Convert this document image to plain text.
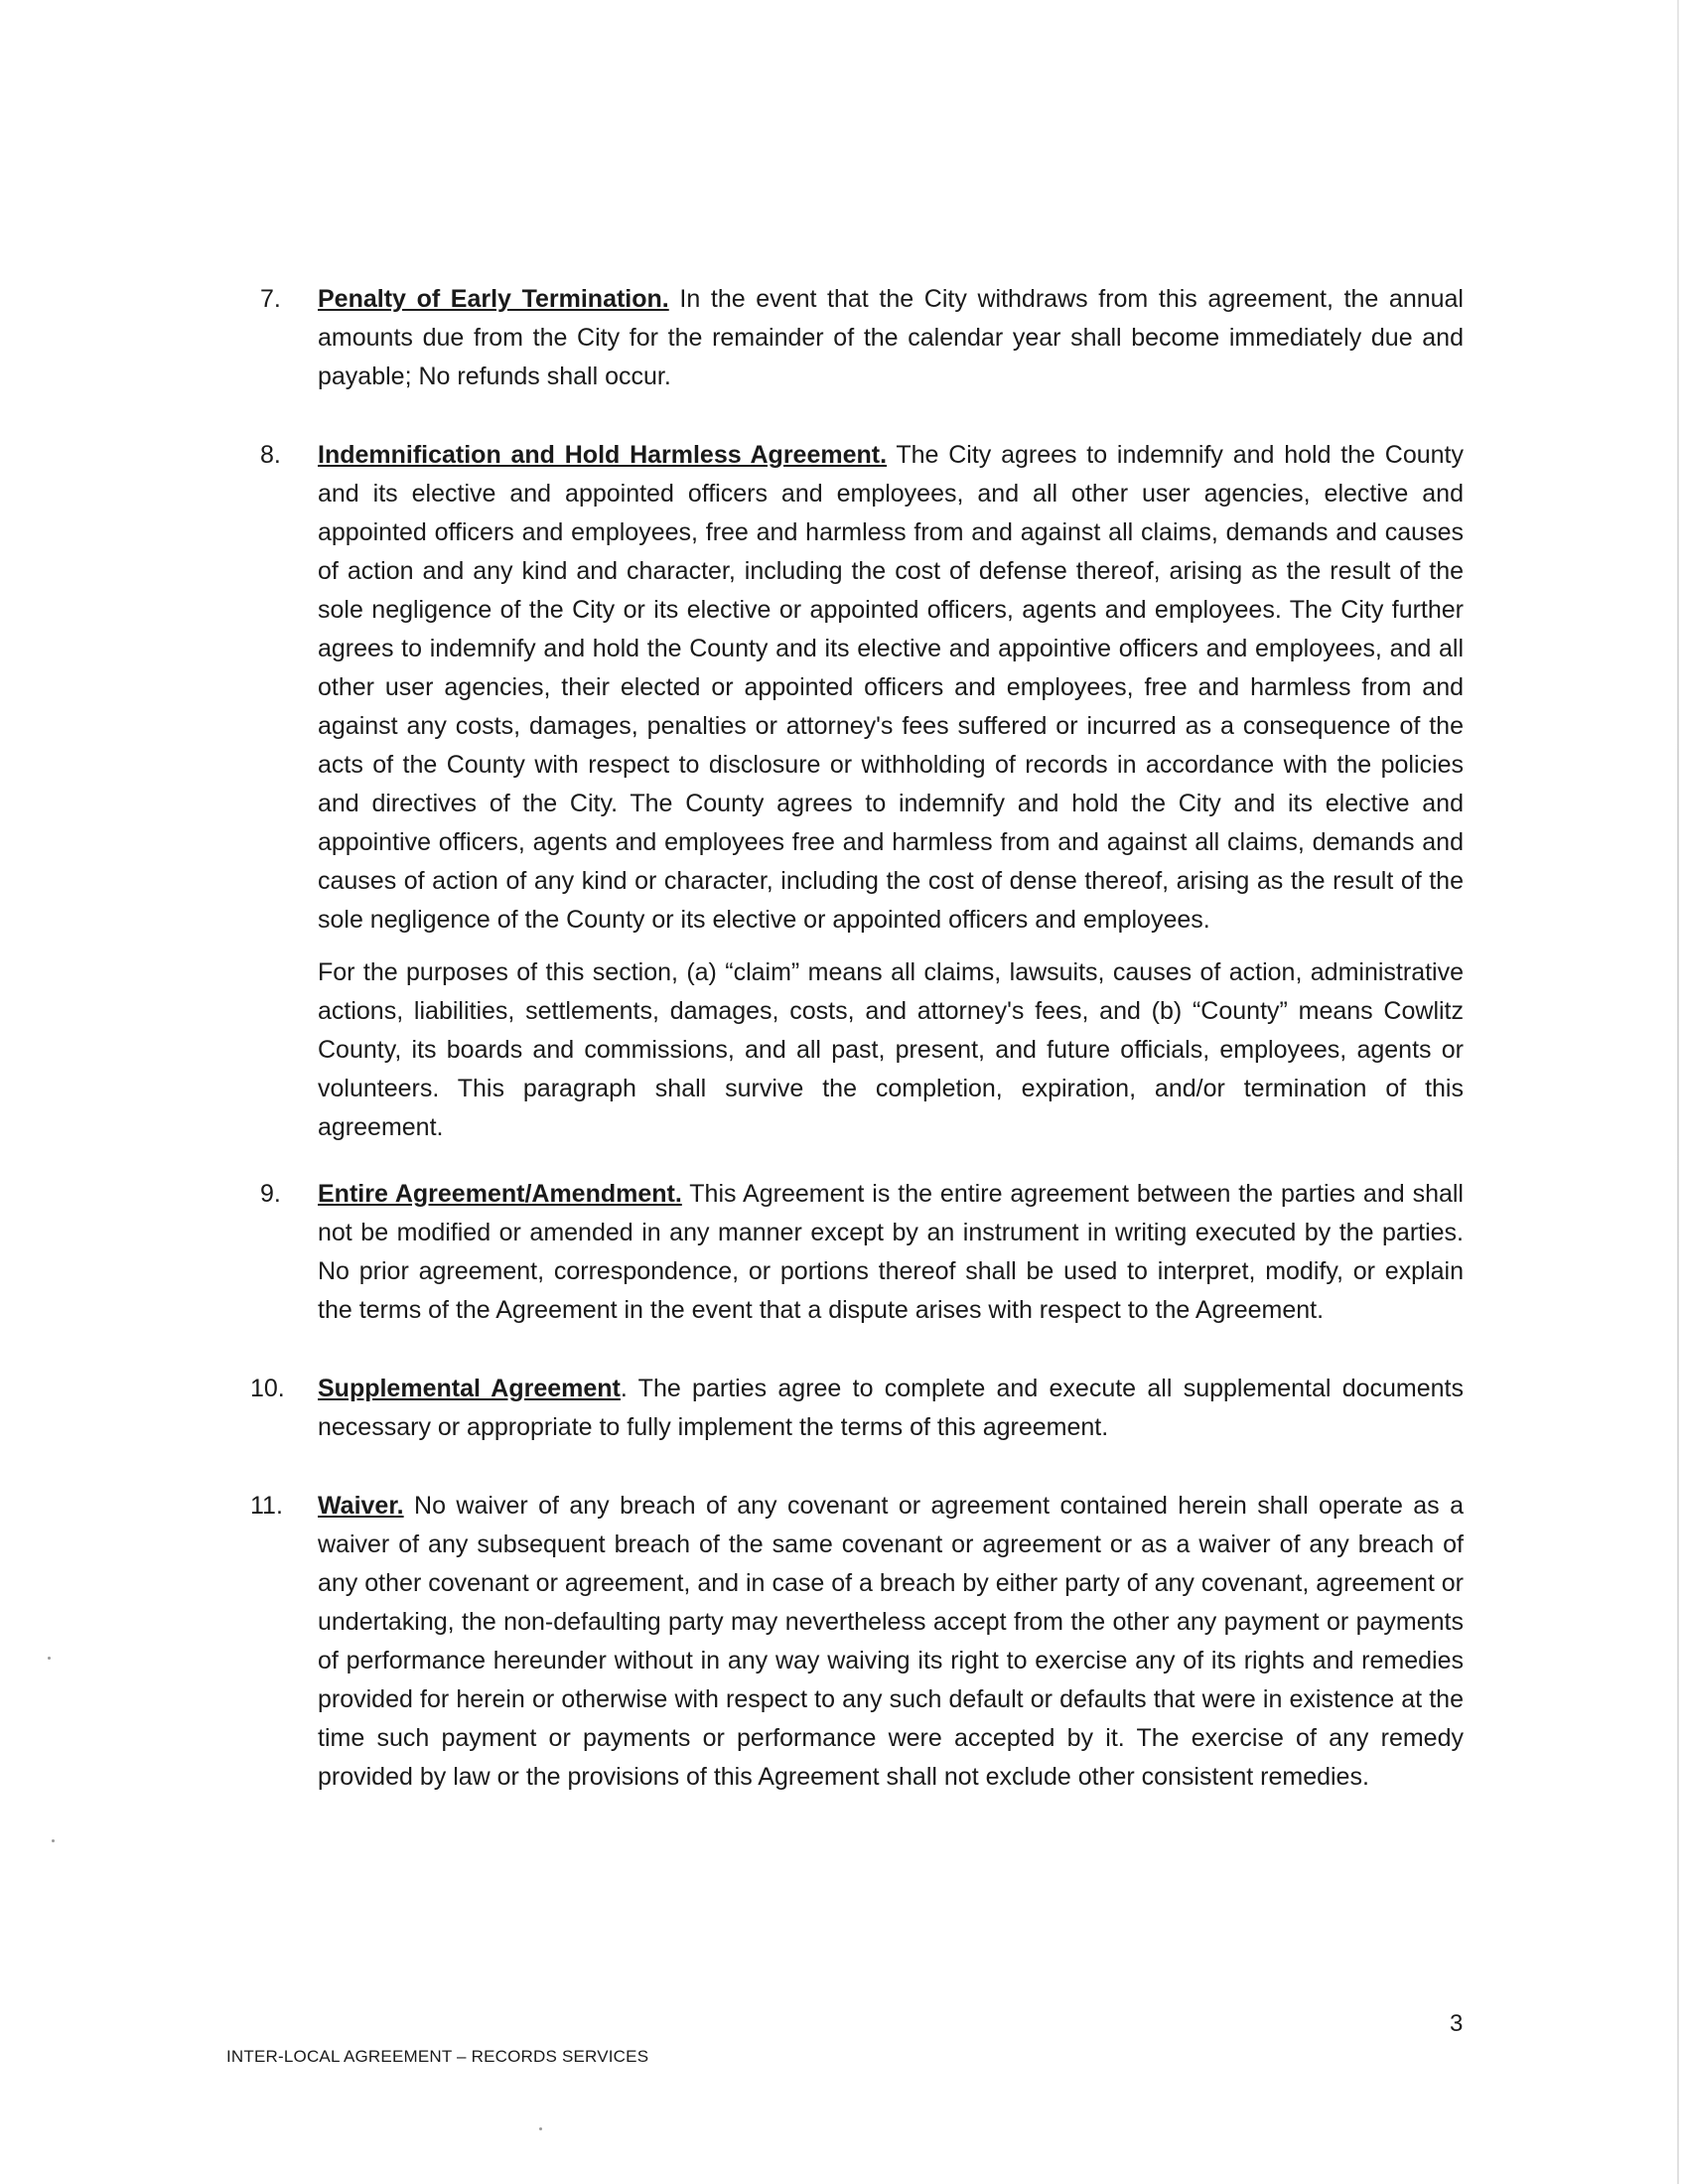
7. Penalty of Early Termination. In the event that the City withdraws from this agreement, the annual amounts due from the City for the remainder of the calendar year shall become immediately due and payable; No refunds shall occur.
8. Indemnification and Hold Harmless Agreement. The City agrees to indemnify and hold the County and its elective and appointed officers and employees, and all other user agencies, elective and appointed officers and employees, free and harmless from and against all claims, demands and causes of action and any kind and character, including the cost of defense thereof, arising as the result of the sole negligence of the City or its elective or appointed officers, agents and employees. The City further agrees to indemnify and hold the County and its elective and appointive officers and employees, and all other user agencies, their elected or appointed officers and employees, free and harmless from and against any costs, damages, penalties or attorney's fees suffered or incurred as a consequence of the acts of the County with respect to disclosure or withholding of records in accordance with the policies and directives of the City. The County agrees to indemnify and hold the City and its elective and appointive officers, agents and employees free and harmless from and against all claims, demands and causes of action of any kind or character, including the cost of dense thereof, arising as the result of the sole negligence of the County or its elective or appointed officers and employees.
For the purposes of this section, (a) “claim” means all claims, lawsuits, causes of action, administrative actions, liabilities, settlements, damages, costs, and attorney's fees, and (b) “County” means Cowlitz County, its boards and commissions, and all past, present, and future officials, employees, agents or volunteers. This paragraph shall survive the completion, expiration, and/or termination of this agreement.
9. Entire Agreement/Amendment. This Agreement is the entire agreement between the parties and shall not be modified or amended in any manner except by an instrument in writing executed by the parties. No prior agreement, correspondence, or portions thereof shall be used to interpret, modify, or explain the terms of the Agreement in the event that a dispute arises with respect to the Agreement.
10. Supplemental Agreement. The parties agree to complete and execute all supplemental documents necessary or appropriate to fully implement the terms of this agreement.
11. Waiver. No waiver of any breach of any covenant or agreement contained herein shall operate as a waiver of any subsequent breach of the same covenant or agreement or as a waiver of any breach of any other covenant or agreement, and in case of a breach by either party of any covenant, agreement or undertaking, the non-defaulting party may nevertheless accept from the other any payment or payments of performance hereunder without in any way waiving its right to exercise any of its rights and remedies provided for herein or otherwise with respect to any such default or defaults that were in existence at the time such payment or payments or performance were accepted by it. The exercise of any remedy provided by law or the provisions of this Agreement shall not exclude other consistent remedies.
3
INTER-LOCAL AGREEMENT – RECORDS SERVICES
